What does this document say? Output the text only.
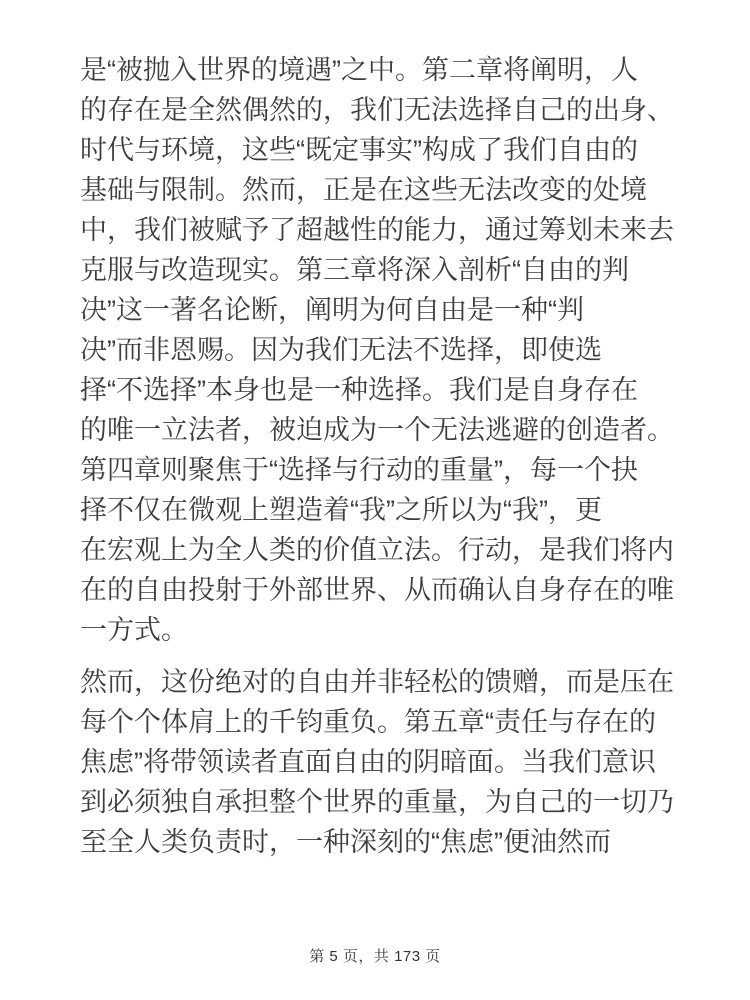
是“被抛入世界的境遇”之中。第二章将阐明，人
的存在是全然偶然的，我们无法选择自己的出身、
时代与环境，这些“既定事实”构成了我们自由的
基础与限制。然而，正是在这些无法改变的处境
中，我们被赋予了超越性的能力，通过筹划未来去
克服与改造现实。第三章将深入剖析“自由的判
决”这一著名论断，阐明为何自由是一种“判
决”而非恩赐。因为我们无法不选择，即使选
择“不选择”本身也是一种选择。我们是自身存在
的唯一立法者，被迫成为一个无法逃避的创造者。
第四章则聚焦于“选择与行动的重量”，每一个抉
择不仅在微观上塑造着“我”之所以为“我”，更
在宏观上为全人类的价值立法。行动，是我们将内
在的自由投射于外部世界、从而确认自身存在的唯
一方式。
然而，这份绝对的自由并非轻松的馈赠，而是压在
每个个体肩上的千钧重负。第五章“责任与存在的
焦虑”将带领读者直面自由的阴暗面。当我们意识
到必须独自承担整个世界的重量，为自己的一切乃
至全人类负责时，一种深刻的“焦虑”便油然而
第 5 页，共 173 页
